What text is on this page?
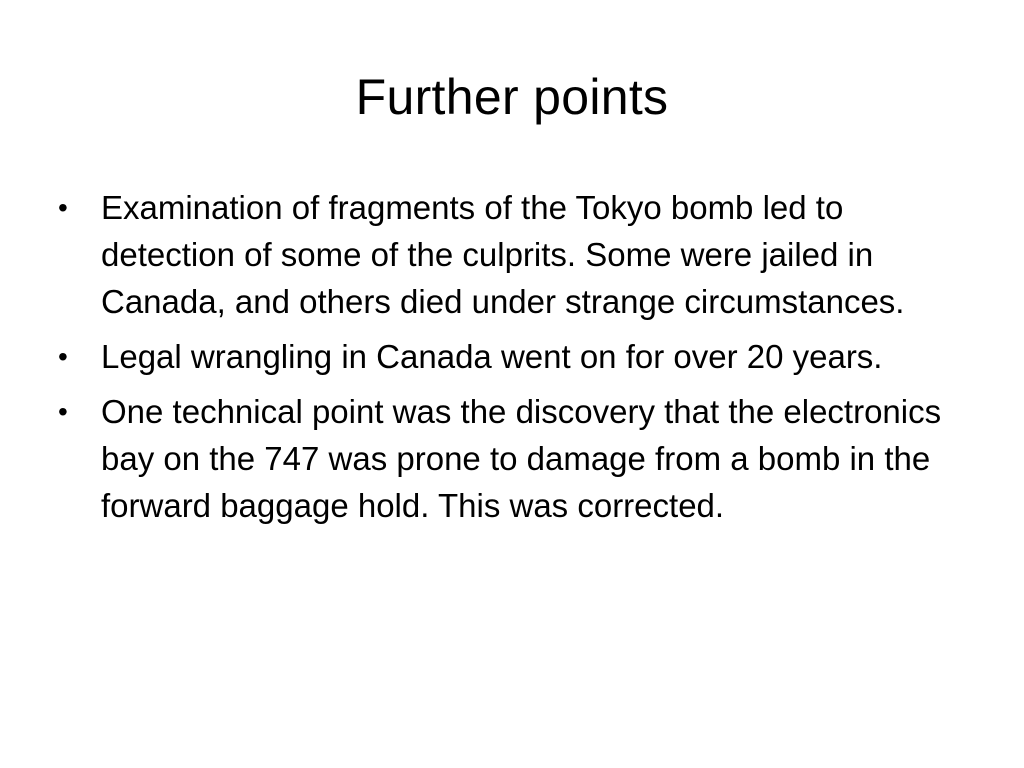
Further points
•	Examination of fragments of the Tokyo bomb led to detection of some of the culprits. Some were jailed in Canada, and others died under strange circumstances.
•	Legal wrangling in Canada went on for over 20 years.
•	One technical point was the discovery that the electronics bay on the 747 was prone to damage from a bomb in the forward baggage hold. This was corrected.
